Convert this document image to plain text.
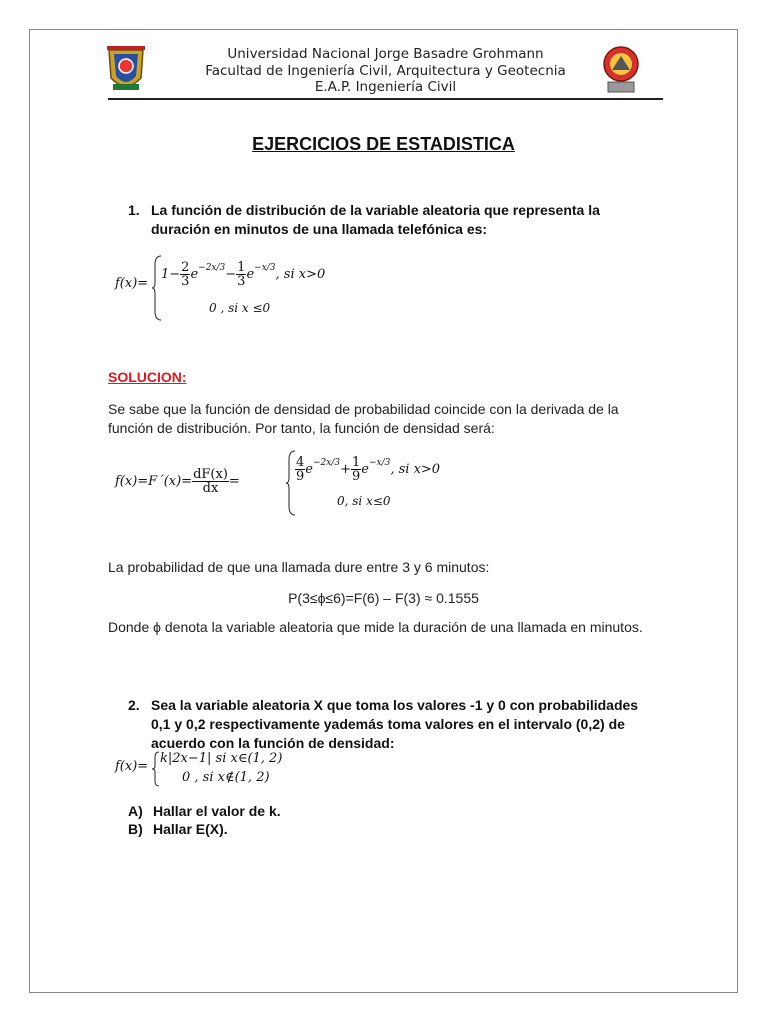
Universidad Nacional Jorge Basadre Grohmann
Facultad de Ingeniería Civil, Arquitectura y Geotecnia
E.A.P. Ingeniería Civil
EJERCICIOS DE ESTADISTICA
1. La función de distribución de la variable aleatoria que representa la duración en minutos de una llamada telefónica es:
f(x)=
$1- \frac{2}{3} e^{-2x/3}- \frac{1}{3} e^{-x/3}$, si x>0
0 , si x ≤0
SOLUCION:
Se sabe que la función de densidad de probabilidad coincide con la derivada de la función de distribución. Por tanto, la función de densidad será:
f(x)=F´(x)= $\frac{dF(x)}{dx}$ =	$\frac{4}{9} e^{-2x/3}+ \frac{1}{9} e^{-x/3}$, si x>0
0, si x≤0
La probabilidad de que una llamada dure entre 3 y 6 minutos:
P(3≤ϕ≤6)=F(6) – F(3) ≈ 0.1555
Donde ϕ denota la variable aleatoria que mide la duración de una llamada en minutos.
2. Sea la variable aleatoria X que toma los valores -1 y 0 con probabilidades 0,1 y 0,2 respectivamente yademás toma valores en el intervalo (0,2) de acuerdo con la función de densidad:
f(x)=
k|2x−1| si x∈(1, 2)
0 , si x∉(1, 2)
A) Hallar el valor de k.
B) Hallar E(X).
